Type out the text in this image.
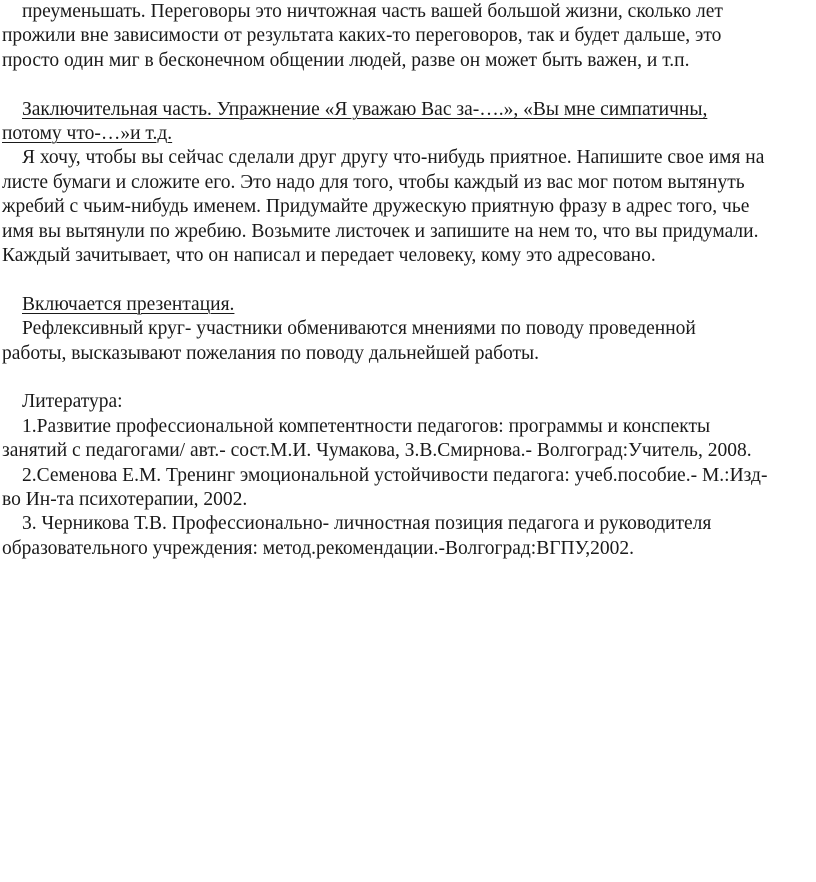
преуменьшать. Переговоры это ничтожная часть вашей большой жизни, сколько лет
прожили вне зависимости от результата каких-то переговоров, так и будет дальше, это
просто один миг в бесконечном общении людей, разве он может быть важен, и т.п.
Заключительная часть. Упражнение «Я уважаю Вас за-….», «Вы мне симпатичны,
потому что-…»и т.д.
Я хочу, чтобы вы сейчас сделали друг другу что-нибудь приятное. Напишите свое имя на
листе бумаги и сложите его. Это надо для того, чтобы каждый из вас мог потом вытянуть
жребий с чьим-нибудь именем. Придумайте дружескую приятную фразу в адрес того, чье
имя вы вытянули по жребию. Возьмите листочек и запишите на нем то, что вы придумали.
Каждый зачитывает, что он написал и передает человеку, кому это адресовано.
Включается презентация.
Рефлексивный круг- участники обмениваются мнениями по поводу проведенной
работы, высказывают пожелания по поводу дальнейшей работы.
Литература:
1.Развитие профессиональной компетентности педагогов: программы и конспекты
занятий с педагогами/ авт.- сост.М.И. Чумакова, З.В.Смирнова.- Волгоград:Учитель, 2008.
2.Семенова Е.М. Тренинг эмоциональной устойчивости педагога: учеб.пособие.- М.:Изд-
во Ин-та психотерапии, 2002.
3. Черникова Т.В. Профессионально- личностная позиция педагога и руководителя
образовательного учреждения: метод.рекомендации.-Волгоград:ВГПУ,2002.
